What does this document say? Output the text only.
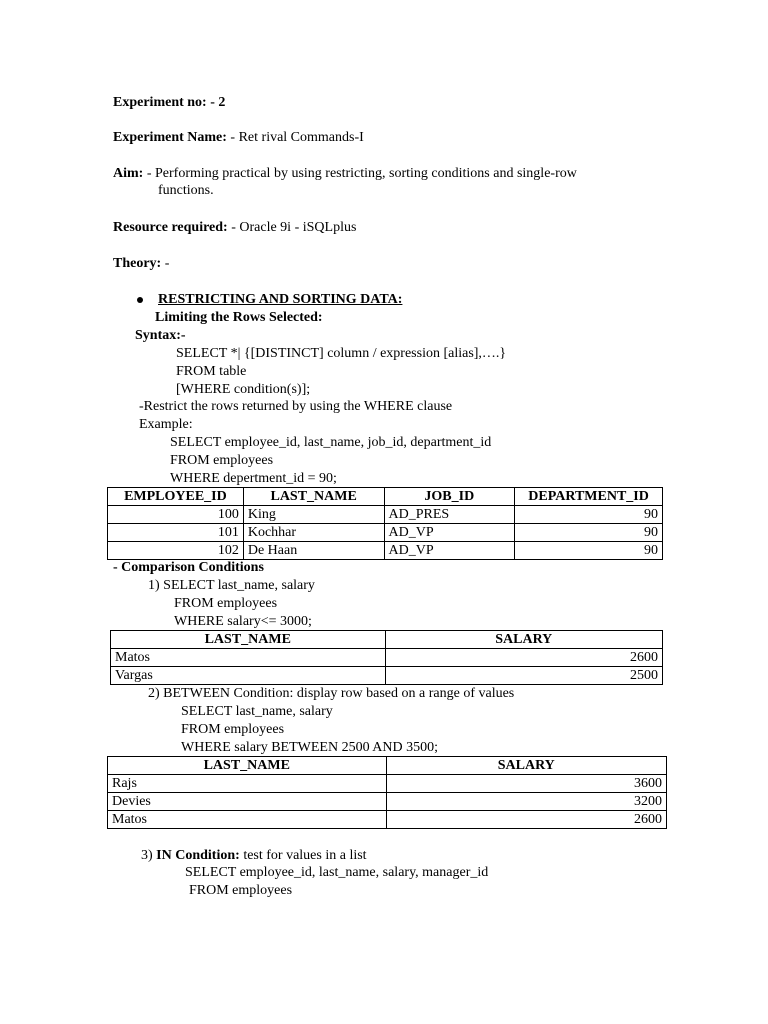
Experiment no: - 2
Experiment Name: - Ret rival Commands-I
Aim: - Performing practical by using restricting, sorting conditions and single-row
functions.
Resource required: - Oracle 9i - iSQLplus
Theory: -
RESTRICTING AND SORTING DATA:
Limiting the Rows Selected:
Syntax:-
SELECT *| {[DISTINCT] column / expression [alias],….}
FROM table
[WHERE condition(s)];
-Restrict the rows returned by using the WHERE clause
Example:
SELECT employee_id, last_name, job_id, department_id
FROM employees
WHERE depertment_id = 90;
EMPLOYEE_ID	LAST_NAME	JOB_ID	DEPARTMENT_ID
100	King	AD_PRES	90
101	Kochhar	AD_VP	90
102	De Haan	AD_VP	90
- Comparison Conditions
1) SELECT last_name, salary
FROM employees
WHERE salary<= 3000;
LAST_NAME	SALARY
Matos	2600
Vargas	2500
2) BETWEEN Condition: display row based on a range of values
SELECT last_name, salary
FROM employees
WHERE salary BETWEEN 2500 AND 3500;
LAST_NAME	SALARY
Rajs	3600
Devies	3200
Matos	2600
3) IN Condition: test for values in a list
SELECT employee_id, last_name, salary, manager_id
FROM employees
